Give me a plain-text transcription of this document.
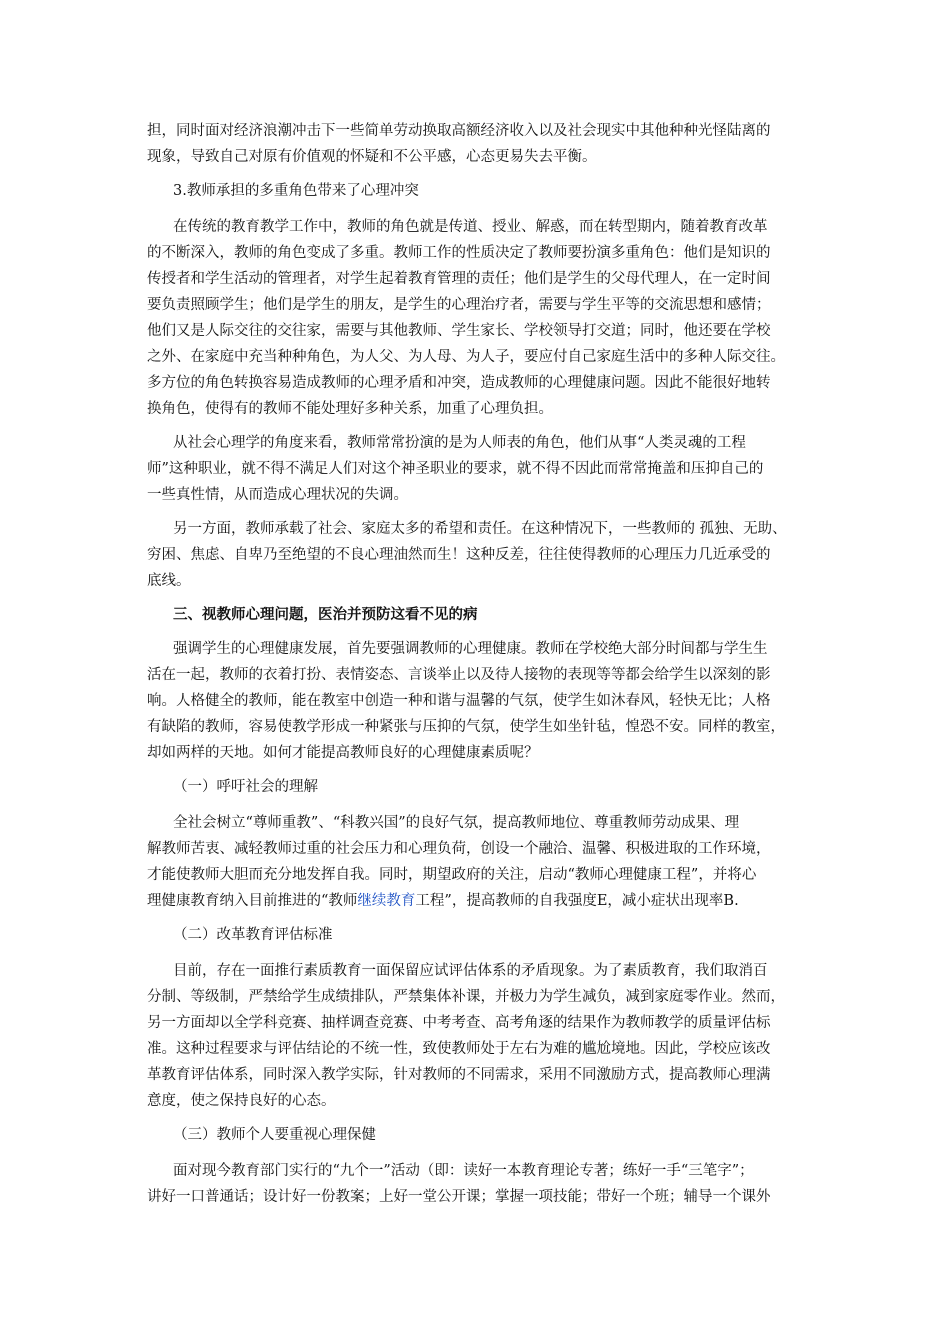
担，同时面对经济浪潮冲击下一些简单劳动换取高额经济收入以及社会现实中其他种种光怪陆离的
现象，导致自己对原有价值观的怀疑和不公平感，心态更易失去平衡。
3.教师承担的多重角色带来了心理冲突
在传统的教育教学工作中，教师的角色就是传道、授业、解惑，而在转型期内，随着教育改革
的不断深入，教师的角色变成了多重。教师工作的性质决定了教师要扮演多重角色：他们是知识的
传授者和学生活动的管理者，对学生起着教育管理的责任；他们是学生的父母代理人，在一定时间
要负责照顾学生；他们是学生的朋友，是学生的心理治疗者，需要与学生平等的交流思想和感情；
他们又是人际交往的交往家，需要与其他教师、学生家长、学校领导打交道；同时，他还要在学校
之外、在家庭中充当种种角色，为人父、为人母、为人子，要应付自己家庭生活中的多种人际交往。
多方位的角色转换容易造成教师的心理矛盾和冲突，造成教师的心理健康问题。因此不能很好地转
换角色，使得有的教师不能处理好多种关系，加重了心理负担。
从社会心理学的角度来看，教师常常扮演的是为人师表的角色，他们从事“人类灵魂的工程
师”这种职业，就不得不满足人们对这个神圣职业的要求，就不得不因此而常常掩盖和压抑自己的
一些真性情，从而造成心理状况的失调。
另一方面，教师承载了社会、家庭太多的希望和责任。在这种情况下，一些教师的 孤独、无助、
穷困、焦虑、自卑乃至绝望的不良心理油然而生！这种反差，往往使得教师的心理压力几近承受的
底线。
三、视教师心理问题，医治并预防这看不见的病
强调学生的心理健康发展，首先要强调教师的心理健康。教师在学校绝大部分时间都与学生生
活在一起，教师的衣着打扮、表情姿态、言谈举止以及待人接物的表现等等都会给学生以深刻的影
响。人格健全的教师，能在教室中创造一种和谐与温馨的气氛，使学生如沐春风，轻快无比；人格
有缺陷的教师，容易使教学形成一种紧张与压抑的气氛，使学生如坐针毡，惶恐不安。同样的教室，
却如两样的天地。如何才能提高教师良好的心理健康素质呢？
（一）呼吁社会的理解
全社会树立“尊师重教”、“科教兴国”的良好气氛，提高教师地位、尊重教师劳动成果、理
解教师苦衷、减轻教师过重的社会压力和心理负荷，创设一个融洽、温馨、积极进取的工作环境，
才能使教师大胆而充分地发挥自我。同时，期望政府的关注，启动“教师心理健康工程”，并将心
理健康教育纳入目前推进的“教师继续教育工程”，提高教师的自我强度E，减小症状出现率B.
（二）改革教育评估标准
目前，存在一面推行素质教育一面保留应试评估体系的矛盾现象。为了素质教育，我们取消百
分制、等级制，严禁给学生成绩排队，严禁集体补课，并极力为学生减负，减到家庭零作业。然而，
另一方面却以全学科竞赛、抽样调查竞赛、中考考查、高考角逐的结果作为教师教学的质量评估标
准。这种过程要求与评估结论的不统一性，致使教师处于左右为难的尴尬境地。因此，学校应该改
革教育评估体系，同时深入教学实际，针对教师的不同需求，采用不同激励方式，提高教师心理满
意度，使之保持良好的心态。
（三）教师个人要重视心理保健
面对现今教育部门实行的“九个一”活动（即：读好一本教育理论专著；练好一手“三笔字”；
讲好一口普通话；设计好一份教案；上好一堂公开课；掌握一项技能；带好一个班；辅导一个课外
